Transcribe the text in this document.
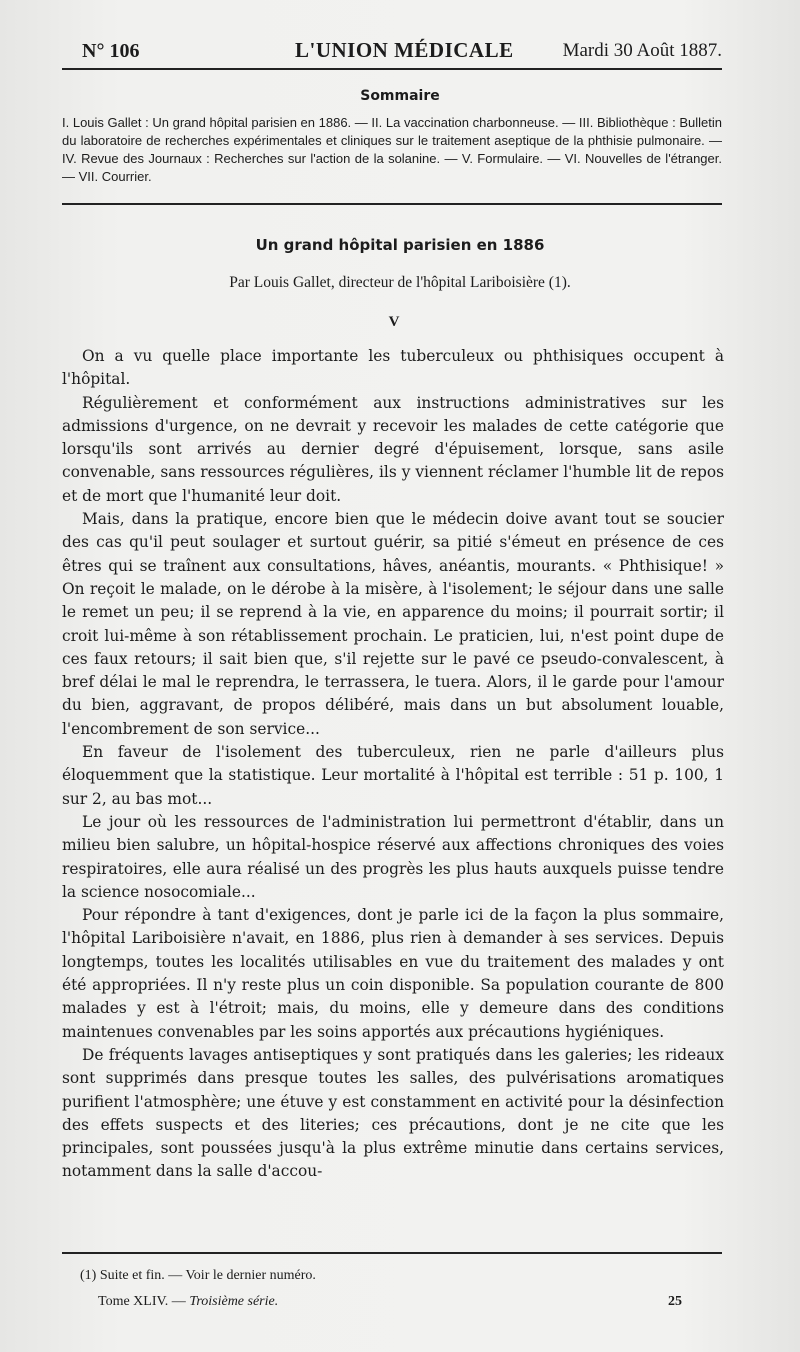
N° 106	L'UNION MÉDICALE	Mardi 30 Août 1887.
Sommaire
I. Louis Gallet : Un grand hôpital parisien en 1886. — II. La vaccination charbonneuse. — III. Bibliothèque : Bulletin du laboratoire de recherches expérimentales et cliniques sur le traitement aseptique de la phthisie pulmonaire. — IV. Revue des Journaux : Recherches sur l'action de la solanine. — V. Formulaire. — VI. Nouvelles de l'étranger. — VII. Courrier.
Un grand hôpital parisien en 1886
Par Louis Gallet, directeur de l'hôpital Lariboisière (1).
V

On a vu quelle place importante les tuberculeux ou phthisiques occupent à l'hôpital.

Régulièrement et conformément aux instructions administratives sur les admissions d'urgence, on ne devrait y recevoir les malades de cette catégorie que lorsqu'ils sont arrivés au dernier degré d'épuisement, lorsque, sans asile convenable, sans ressources régulières, ils y viennent réclamer l'humble lit de repos et de mort que l'humanité leur doit.

Mais, dans la pratique, encore bien que le médecin doive avant tout se soucier des cas qu'il peut soulager et surtout guérir, sa pitié s'émeut en présence de ces êtres qui se traînent aux consultations, hâves, anéantis, mourants. « Phthisique! » On reçoit le malade, on le dérobe à la misère, à l'isolement; le séjour dans une salle le remet un peu; il se reprend à la vie, en apparence du moins; il pourrait sortir; il croit lui-même à son rétablissement prochain. Le praticien, lui, n'est point dupe de ces faux retours; il sait bien que, s'il rejette sur le pavé ce pseudo-convalescent, à bref délai le mal le reprendra, le terrassera, le tuera. Alors, il le garde pour l'amour du bien, aggravant, de propos délibéré, mais dans un but absolument louable, l'encombrement de son service...

En faveur de l'isolement des tuberculeux, rien ne parle d'ailleurs plus éloquemment que la statistique. Leur mortalité à l'hôpital est terrible : 51 p. 100, 1 sur 2, au bas mot...

Le jour où les ressources de l'administration lui permettront d'établir, dans un milieu bien salubre, un hôpital-hospice réservé aux affections chroniques des voies respiratoires, elle aura réalisé un des progrès les plus hauts auxquels puisse tendre la science nosocomiale...

Pour répondre à tant d'exigences, dont je parle ici de la façon la plus sommaire, l'hôpital Lariboisière n'avait, en 1886, plus rien à demander à ses services. Depuis longtemps, toutes les localités utilisables en vue du traitement des malades y ont été appropriées. Il n'y reste plus un coin disponible. Sa population courante de 800 malades y est à l'étroit; mais, du moins, elle y demeure dans des conditions maintenues convenables par les soins apportés aux précautions hygiéniques.

De fréquents lavages antiseptiques y sont pratiqués dans les galeries; les rideaux sont supprimés dans presque toutes les salles, des pulvérisations aromatiques purifient l'atmosphère; une étuve y est constamment en activité pour la désinfection des effets suspects et des literies; ces précautions, dont je ne cite que les principales, sont poussées jusqu'à la plus extrême minutie dans certains services, notamment dans la salle d'accou-

(1) Suite et fin. — Voir le dernier numéro.
Tome XLIV. — Troisième série.	25
